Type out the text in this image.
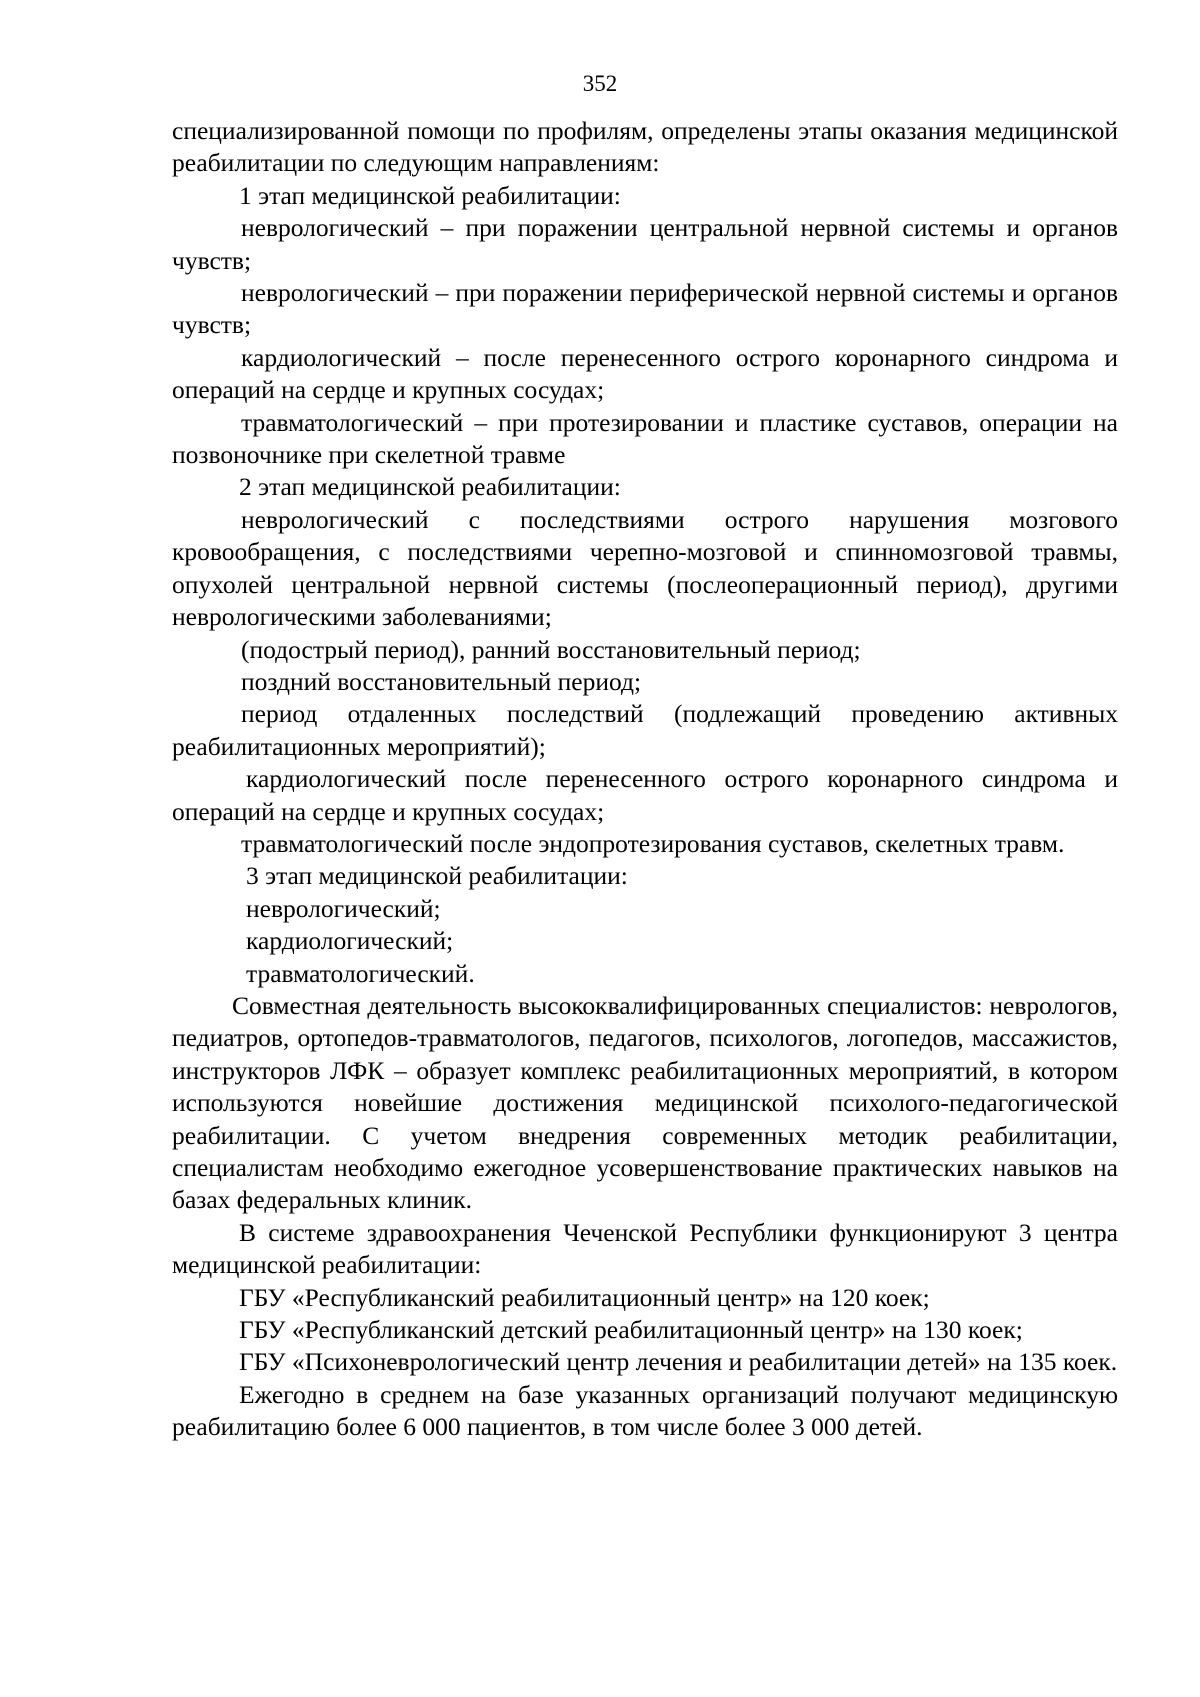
352

специализированной помощи по профилям, определены этапы оказания медицинской реабилитации по следующим направлениям:

1 этап медицинской реабилитации:

неврологический – при поражении центральной нервной системы и органов чувств;

неврологический – при поражении периферической нервной системы и органов чувств;

кардиологический – после перенесенного острого коронарного синдрома и операций на сердце и крупных сосудах;

травматологический – при протезировании и пластике суставов, операции на позвоночнике при скелетной травме

2 этап медицинской реабилитации:

неврологический с последствиями острого нарушения мозгового кровообращения, с последствиями черепно-мозговой и спинномозговой травмы, опухолей центральной нервной системы (послеоперационный период), другими неврологическими заболеваниями;

(подострый период), ранний восстановительный период;

поздний восстановительный период;

период отдаленных последствий (подлежащий проведению активных реабилитационных мероприятий);

кардиологический после перенесенного острого коронарного синдрома и операций на сердце и крупных сосудах;

травматологический после эндопротезирования суставов, скелетных травм.

3 этап медицинской реабилитации:

неврологический;

кардиологический;

травматологический.

Совместная деятельность высококвалифицированных специалистов: неврологов, педиатров, ортопедов-травматологов, педагогов, психологов, логопедов, массажистов, инструкторов ЛФК – образует комплекс реабилитационных мероприятий, в котором используются новейшие достижения медицинской психолого-педагогической реабилитации. С учетом внедрения современных методик реабилитации, специалистам необходимо ежегодное усовершенствование практических навыков на базах федеральных клиник.

В системе здравоохранения Чеченской Республики функционируют 3 центра медицинской реабилитации:

ГБУ «Республиканский реабилитационный центр» на 120 коек;

ГБУ «Республиканский детский реабилитационный центр» на 130 коек;

ГБУ «Психоневрологический центр лечения и реабилитации детей» на 135 коек.

Ежегодно в среднем на базе указанных организаций получают медицинскую реабилитацию более 6 000 пациентов, в том числе более 3 000 детей.
